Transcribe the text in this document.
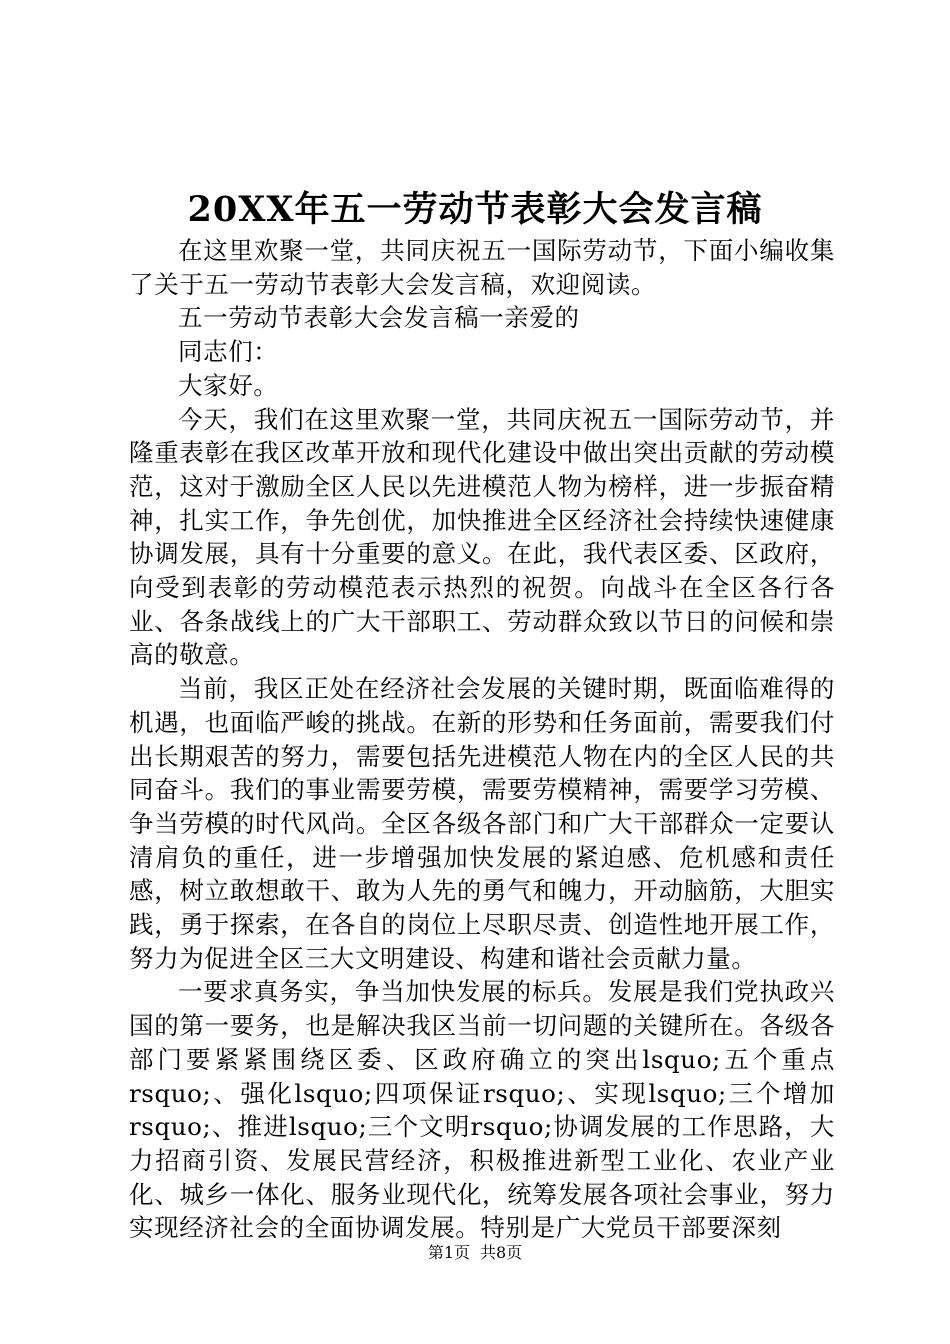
20XX年五一劳动节表彰大会发言稿

在这里欢聚一堂，共同庆祝五一国际劳动节，下面小编收集了关于五一劳动节表彰大会发言稿，欢迎阅读。

五一劳动节表彰大会发言稿一亲爱的

同志们：

大家好。

今天，我们在这里欢聚一堂，共同庆祝五一国际劳动节，并隆重表彰在我区改革开放和现代化建设中做出突出贡献的劳动模范，这对于激励全区人民以先进模范人物为榜样，进一步振奋精神，扎实工作，争先创优，加快推进全区经济社会持续快速健康协调发展，具有十分重要的意义。在此，我代表区委、区政府，向受到表彰的劳动模范表示热烈的祝贺。向战斗在全区各行各业、各条战线上的广大干部职工、劳动群众致以节日的问候和崇高的敬意。

当前，我区正处在经济社会发展的关键时期，既面临难得的机遇，也面临严峻的挑战。在新的形势和任务面前，需要我们付出长期艰苦的努力，需要包括先进模范人物在内的全区人民的共同奋斗。我们的事业需要劳模，需要劳模精神，需要学习劳模、争当劳模的时代风尚。全区各级各部门和广大干部群众一定要认清肩负的重任，进一步增强加快发展的紧迫感、危机感和责任感，树立敢想敢干、敢为人先的勇气和魄力，开动脑筋，大胆实践，勇于探索，在各自的岗位上尽职尽责、创造性地开展工作，努力为促进全区三大文明建设、构建和谐社会贡献力量。

一要求真务实，争当加快发展的标兵。发展是我们党执政兴国的第一要务，也是解决我区当前一切问题的关键所在。各级各部门要紧紧围绕区委、区政府确立的突出lsquo;五个重点rsquo;、强化lsquo;四项保证rsquo;、实现lsquo;三个增加rsquo;、推进lsquo;三个文明rsquo;协调发展的工作思路，大力招商引资、发展民营经济，积极推进新型工业化、农业产业化、城乡一体化、服务业现代化，统筹发展各项社会事业，努力实现经济社会的全面协调发展。特别是广大党员干部要深刻

第1页 共8页
